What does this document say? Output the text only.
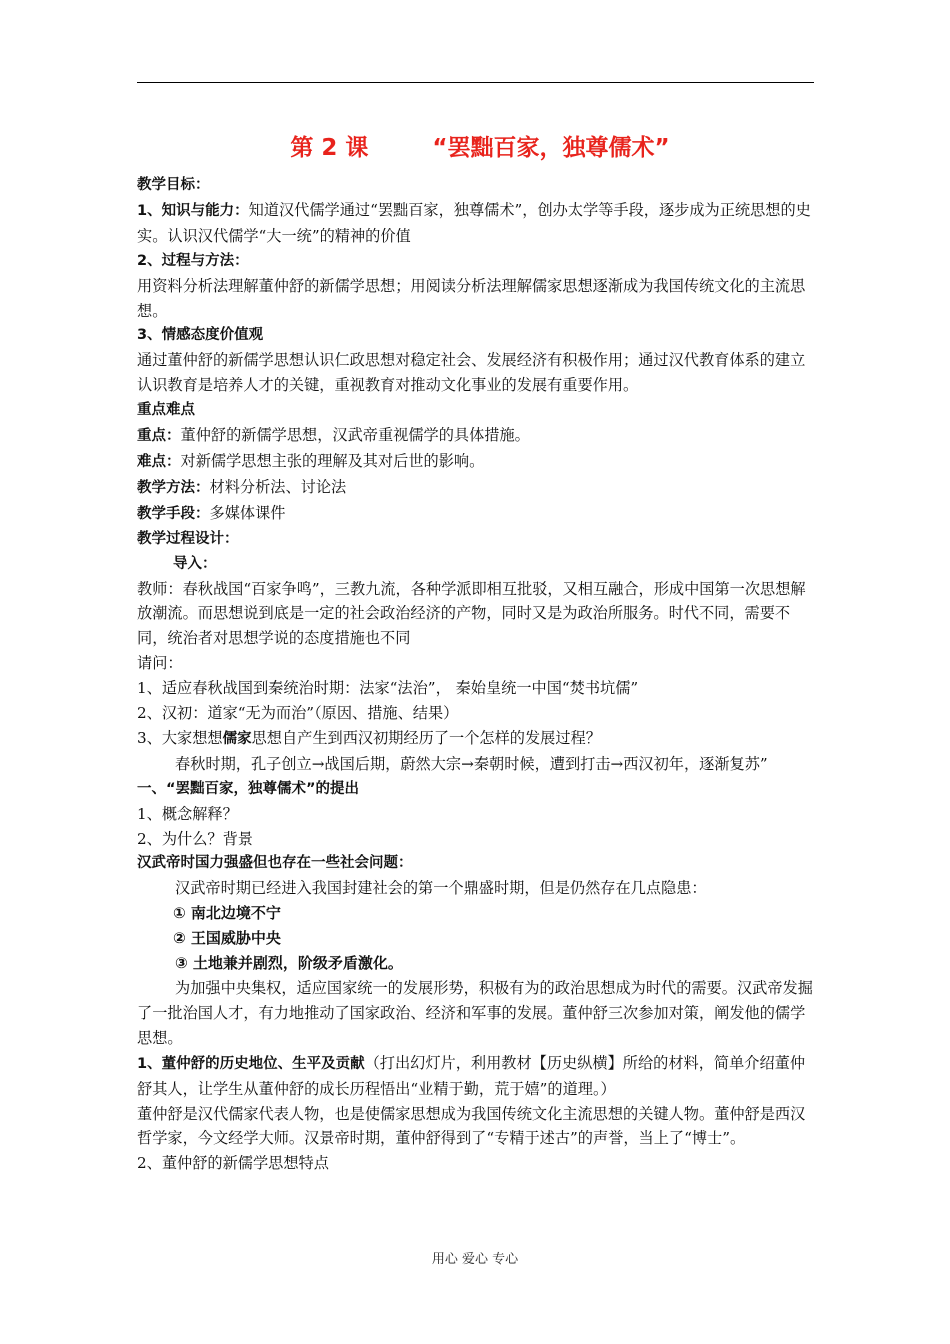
第 2 课        “罢黜百家，独尊儒术”

教学目标：

1、知识与能力：知道汉代儒学通过“罢黜百家，独尊儒术”，创办太学等手段，逐步成为正统思想的史实。认识汉代儒学“大一统”的精神的价值

2、过程与方法：

用资料分析法理解董仲舒的新儒学思想；用阅读分析法理解儒家思想逐渐成为我国传统文化的主流思想。

3、情感态度价值观

通过董仲舒的新儒学思想认识仁政思想对稳定社会、发展经济有积极作用；通过汉代教育体系的建立认识教育是培养人才的关键，重视教育对推动文化事业的发展有重要作用。

重点难点

重点：董仲舒的新儒学思想，汉武帝重视儒学的具体措施。

难点：对新儒学思想主张的理解及其对后世的影响。

教学方法：材料分析法、讨论法

教学手段：多媒体课件

教学过程设计：

导入：

教师：春秋战国“百家争鸣”，三教九流，各种学派即相互批驳，又相互融合，形成中国第一次思想解放潮流。而思想说到底是一定的社会政治经济的产物，同时又是为政治所服务。时代不同，需要不同，统治者对思想学说的态度措施也不同

请问：

1、适应春秋战国到秦统治时期：法家“法治”， 秦始皇统一中国“焚书坑儒”

2、汉初：道家“无为而治”（原因、措施、结果）

3、大家想想儒家思想自产生到西汉初期经历了一个怎样的发展过程？

春秋时期，孔子创立→战国后期，蔚然大宗→秦朝时候，遭到打击→西汉初年，逐渐复苏”

一、“罢黜百家，独尊儒术”的提出

1、概念解释？

2、为什么？背景

汉武帝时国力强盛但也存在一些社会问题：

汉武帝时期已经进入我国封建社会的第一个鼎盛时期，但是仍然存在几点隐患：

① 南北边境不宁

② 王国威胁中央

③ 土地兼并剧烈，阶级矛盾激化。

为加强中央集权，适应国家统一的发展形势，积极有为的政治思想成为时代的需要。汉武帝发掘了一批治国人才，有力地推动了国家政治、经济和军事的发展。董仲舒三次参加对策，阐发他的儒学思想。

1、董仲舒的历史地位、生平及贡献（打出幻灯片，利用教材【历史纵横】所给的材料，简单介绍董仲舒其人，让学生从董仲舒的成长历程悟出“业精于勤，荒于嬉”的道理。）

董仲舒是汉代儒家代表人物，也是使儒家思想成为我国传统文化主流思想的关键人物。董仲舒是西汉哲学家，今文经学大师。汉景帝时期，董仲舒得到了“专精于述古”的声誉，当上了“博士”。

2、董仲舒的新儒学思想特点

用心 爱心 专心
